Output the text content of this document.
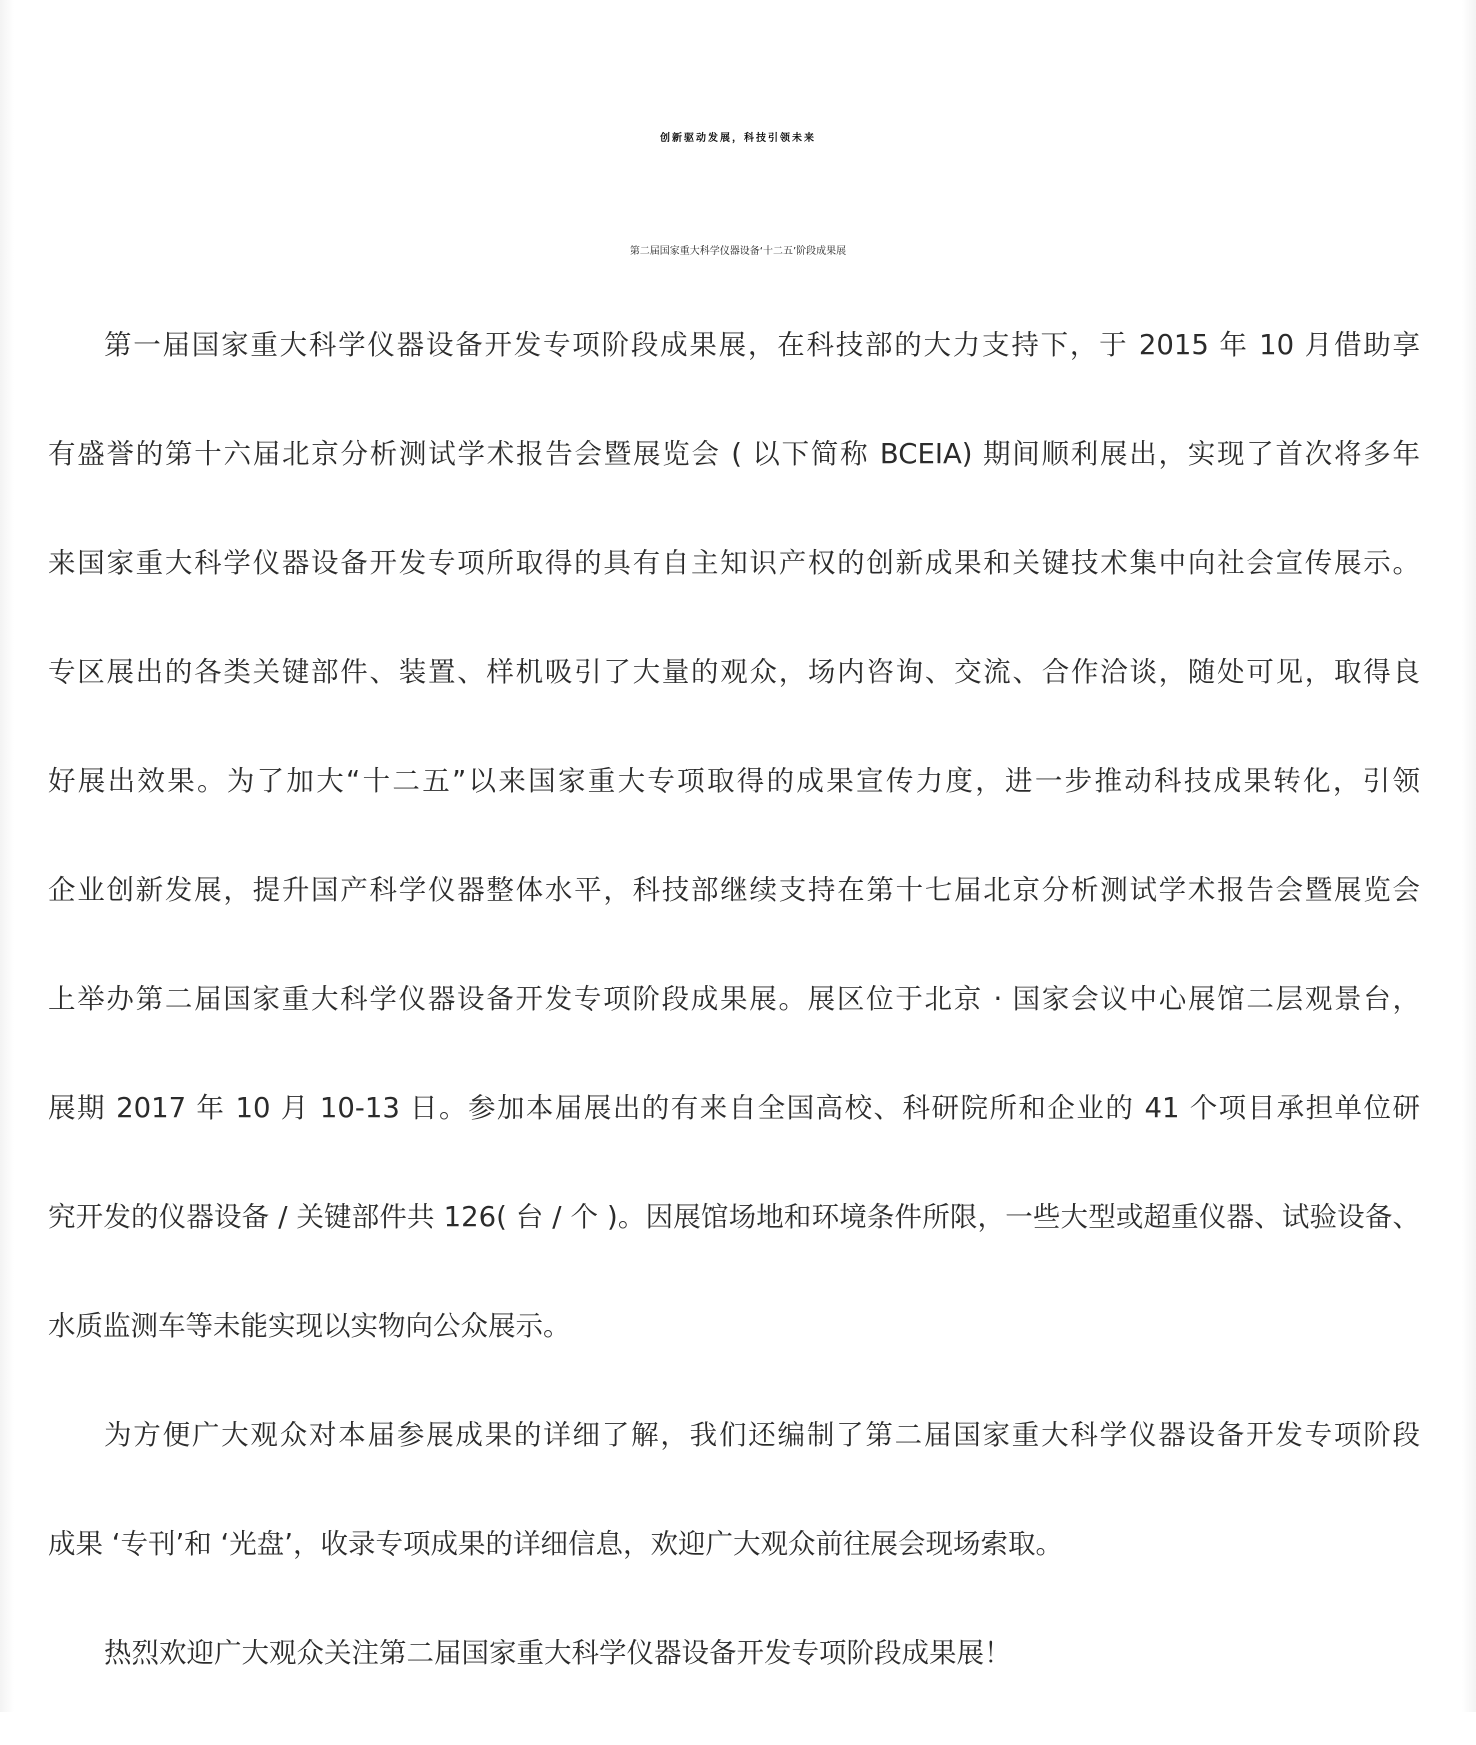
创新驱动发展，科技引领未来
第二届国家重大科学仪器设备‘十二五’阶段成果展
第一届国家重大科学仪器设备开发专项阶段成果展，在科技部的大力支持下，于 2015 年 10 月借助享
有盛誉的第十六届北京分析测试学术报告会暨展览会 ( 以下简称 BCEIA) 期间顺利展出，实现了首次将多年
来国家重大科学仪器设备开发专项所取得的具有自主知识产权的创新成果和关键技术集中向社会宣传展示。
专区展出的各类关键部件、装置、样机吸引了大量的观众，场内咨询、交流、合作洽谈，随处可见，取得良
好展出效果。为了加大“十二五”以来国家重大专项取得的成果宣传力度，进一步推动科技成果转化，引领
企业创新发展，提升国产科学仪器整体水平，科技部继续支持在第十七届北京分析测试学术报告会暨展览会
上举办第二届国家重大科学仪器设备开发专项阶段成果展。展区位于北京 · 国家会议中心展馆二层观景台，
展期 2017 年 10 月 10-13 日。参加本届展出的有来自全国高校、科研院所和企业的 41 个项目承担单位研
究开发的仪器设备 / 关键部件共 126( 台 / 个 )。因展馆场地和环境条件所限，一些大型或超重仪器、试验设备、
水质监测车等未能实现以实物向公众展示。
为方便广大观众对本届参展成果的详细了解，我们还编制了第二届国家重大科学仪器设备开发专项阶段
成果 ‘专刊’和 ‘光盘’，收录专项成果的详细信息，欢迎广大观众前往展会现场索取。
热烈欢迎广大观众关注第二届国家重大科学仪器设备开发专项阶段成果展！
